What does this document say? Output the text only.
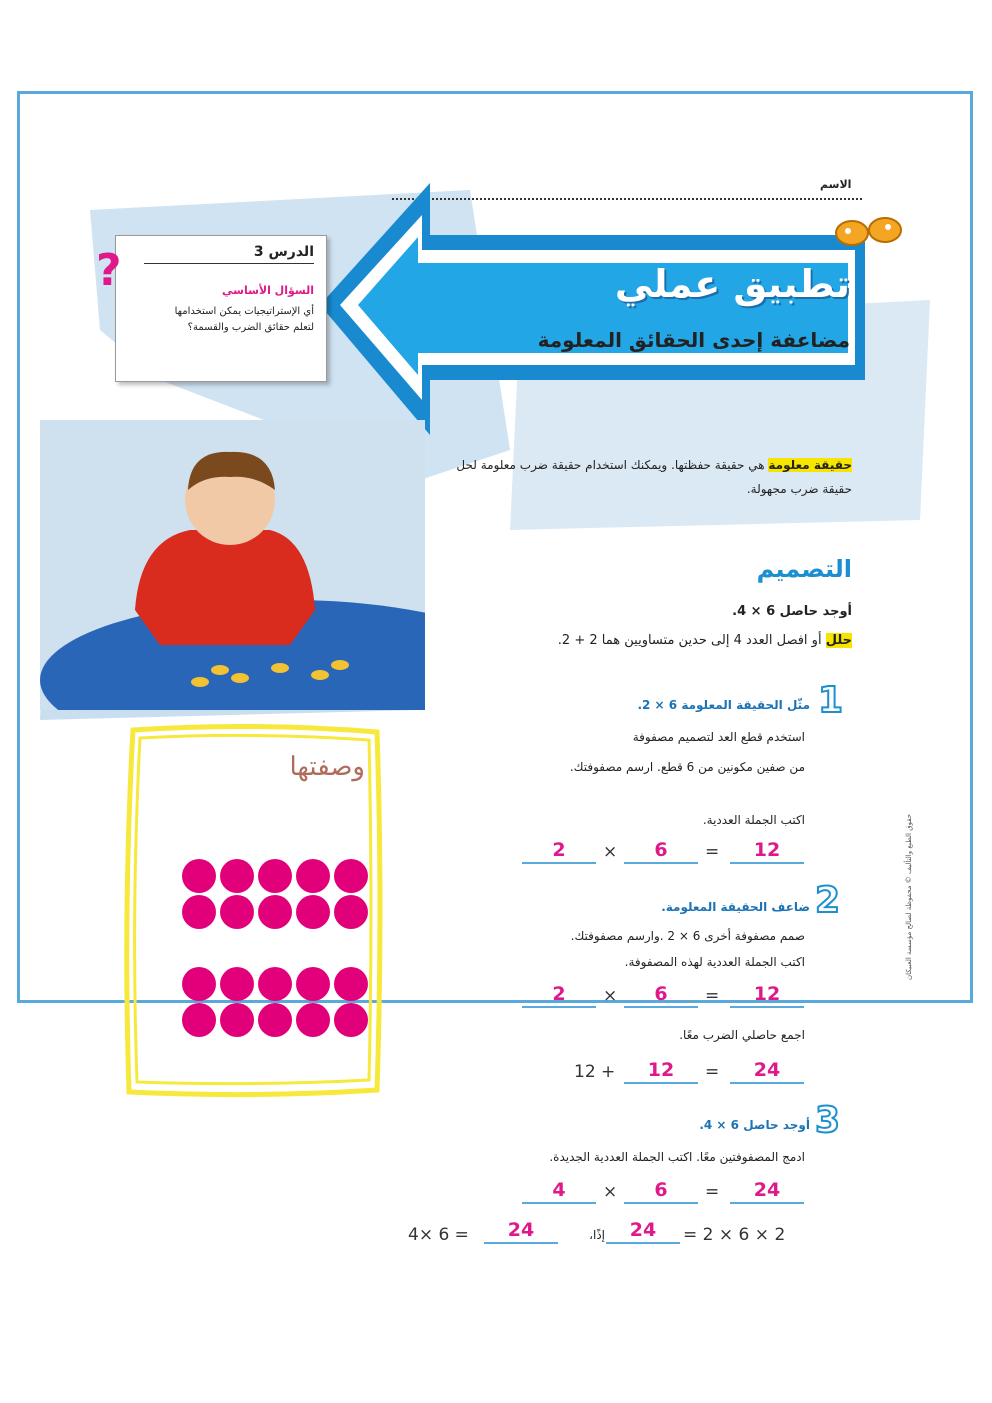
الاسم
تطبيق عملي
مضاعفة إحدى الحقائق المعلومة
الدرس 3
السؤال الأساسي
أي الإستراتيجيات يمكن استخدامها لتعلم حقائق الضرب والقسمة؟
?
حقيقة معلومة هي حقيقة حفظتها. ويمكنك استخدام حقيقة ضرب معلومة لحل حقيقة ضرب مجهولة.
التصميم
أوجد حاصل 6 × 4.
حلل أو افصل العدد 4 إلى حدين متساويين هما 2 + 2.
1
مثّل الحقيقة المعلومة 6 × 2.
استخدم قطع العد لتصميم مصفوفة
من صفين مكونين من 6 قطع. ارسم مصفوفتك.
اكتب الجملة العددية.
12
=
6
×
2
2
ضاعف الحقيقة المعلومة.
صمم مصفوفة أخرى 6 × 2 .وارسم مصفوفتك.
اكتب الجملة العددية لهذه المصفوفة.
12
=
6
×
2
اجمع حاصلي الضرب معًا.
24
=
12
12 +
3
أوجد حاصل 6 × 4.
ادمج المصفوفتين معًا. اكتب الجملة العددية الجديدة.
24
=
6
×
4
4× 6 =	24	إذًا،	24	2 × 6 × 2 =
وصفتها
حقوق الطبع والتأليف © محفوظة لصالح مؤسسة العبيكان
